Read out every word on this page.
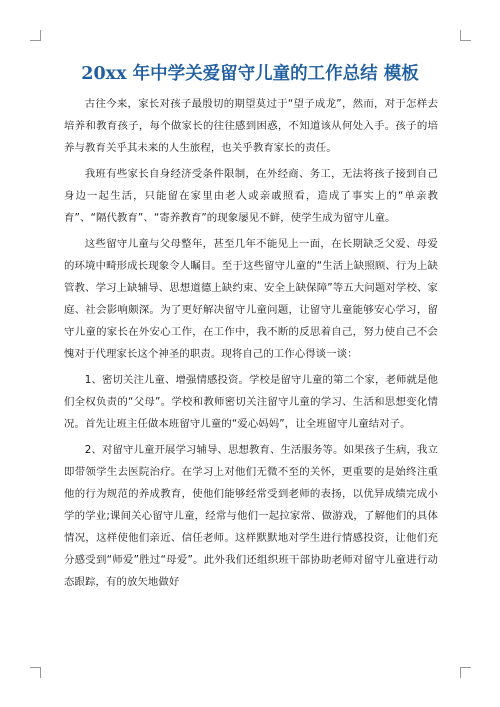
20xx 年中学关爱留守儿童的工作总结 模板

古往今来，家长对孩子最殷切的期望莫过于“望子成龙”，然而，对于怎样去培养和教育孩子，每个做家长的往往感到困惑，不知道该从何处入手。孩子的培养与教育关乎其未来的人生旅程，也关乎教育家长的责任。

我班有些家长自身经济受条件限制，在外经商、务工，无法将孩子接到自己身边一起生活，只能留在家里由老人或亲戚照看，造成了事实上的“单亲教育”、“隔代教育”、“寄养教育”的现象屡见不鲜，使学生成为留守儿童。

这些留守儿童与父母整年，甚至几年不能见上一面，在长期缺乏父爱、母爱的环境中畸形成长现象令人瞩目。至于这些留守儿童的“生活上缺照顾、行为上缺管教、学习上缺辅导、思想道德上缺约束、安全上缺保障”等五大问题对学校、家庭、社会影响颇深。为了更好解决留守儿童问题，让留守儿童能够安心学习，留守儿童的家长在外安心工作，在工作中，我不断的反思着自己，努力使自己不会愧对于代理家长这个神圣的职责。现将自己的工作心得谈一谈：

1、密切关注儿童、增强情感投资。学校是留守儿童的第二个家，老师就是他们全权负责的“父母”。学校和教师密切关注留守儿童的学习、生活和思想变化情况。首先让班主任做本班留守儿童的“爱心妈妈”，让全班留守儿童结对子。

2、对留守儿童开展学习辅导、思想教育、生活服务等。如果孩子生病，我立即带领学生去医院治疗。在学习上对他们无微不至的关怀，更重要的是始终注重他的行为规范的养成教育，使他们能够经常受到老师的表扬，以优异成绩完成小学的学业;课间关心留守儿童，经常与他们一起拉家常、做游戏，了解他们的具体情况，这样使他们亲近、信任老师。这样默默地对学生进行情感投资，让他们充分感受到“师爱”胜过“母爱”。此外我们还组织班干部协助老师对留守儿童进行动态跟踪，有的放矢地做好
